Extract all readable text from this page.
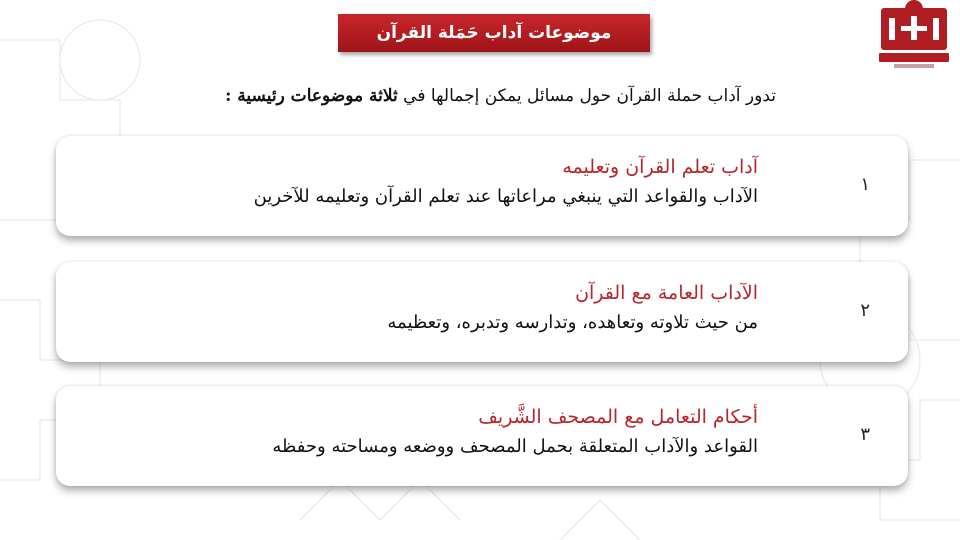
موضوعات آداب حَمَلة القرآن
تدور آداب حملة القرآن حول مسائل يمكن إجمالها في ثلاثة موضوعات رئيسية :
١
آداب تعلم القرآن وتعليمه
الآداب والقواعد التي ينبغي مراعاتها عند تعلم القرآن وتعليمه للآخرين
٢
الآداب العامة مع القرآن
من حيث تلاوته وتعاهده، وتدارسه وتدبره، وتعظيمه
٣
أحكام التعامل مع المصحف الشَّريف
القواعد والآداب المتعلقة بحمل المصحف ووضعه ومساحته وحفظه
